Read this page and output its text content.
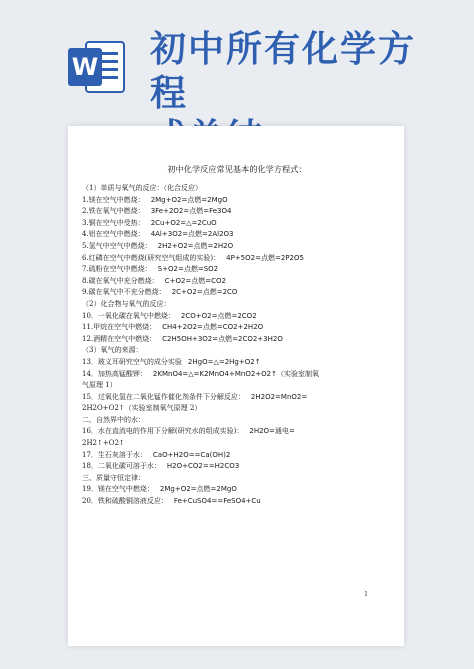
W 初中所有化学方程
初中化学反应常见基本的化学方程式：
（1）单质与氧气的反应：（化合反应）
1.镁在空气中燃烧： 2Mg+O2=点燃=2MgO
2.铁在氧气中燃烧： 3Fe+2O2=点燃=Fe3O4
3.铜在空气中受热： 2Cu+O2=△=2CuO
4.铝在空气中燃烧： 4Al+3O2=点燃=2Al2O3
5.氢气中空气中燃烧： 2H2+O2=点燃=2H2O
6.红磷在空气中燃烧(研究空气组成的实验)： 4P+5O2=点燃=2P2O5
7.硫粉在空气中燃烧： S+O2=点燃=SO2
8.碳在氧气中充分燃烧： C+O2=点燃=CO2
9.碳在氧气中不充分燃烧： 2C+O2=点燃=2CO
（2）化合物与氧气的反应：
10．一氧化碳在氧气中燃烧： 2CO+O2=点燃=2CO2
11.甲烷在空气中燃烧： CH4+2O2=点燃=CO2+2H2O
12.酒精在空气中燃烧： C2H5OH+3O2=点燃=2CO2+3H2O
（3）氧气的来源：
13．玻义耳研究空气的成分实验 2HgO=△=2Hg+O2↑
14．加热高锰酸钾： 2KMnO4=△=K2MnO4+MnO2+O2↑（实验室制氧
气原理 1）
15．过氧化氢在二氧化锰作催化剂条件下分解反应： 2H2O2=MnO2=
2H2O+O2↑（实验室制氧气原理 2）
二、自然界中的水：
16．水在直流电的作用下分解(研究水的组成实验)： 2H2O=通电=
2H2↑+O2↑
17．生石灰溶于水： CaO+H2O==Ca(OH)2
18．二氧化碳可溶于水： H2O+CO2==H2CO3
三、质量守恒定律：
19．镁在空气中燃烧： 2Mg+O2=点燃=2MgO
20．铁和硫酸铜溶液反应： Fe+CuSO4==FeSO4+Cu
1
